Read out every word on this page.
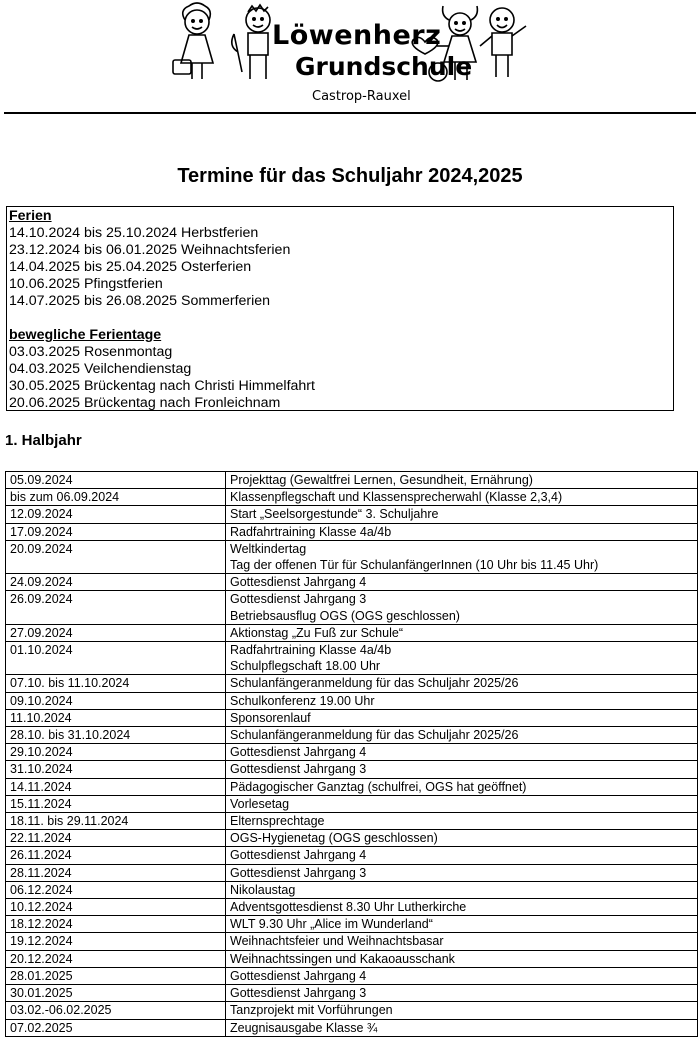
Löwenherz
Grundschule
Castrop-Rauxel
Termine für das Schuljahr 2024,2025
Ferien
14.10.2024 bis 25.10.2024 Herbstferien
23.12.2024 bis 06.01.2025 Weihnachtsferien
14.04.2025 bis 25.04.2025 Osterferien
10.06.2025 Pfingstferien
14.07.2025 bis 26.08.2025 Sommerferien
bewegliche Ferientage
03.03.2025 Rosenmontag
04.03.2025 Veilchendienstag
30.05.2025 Brückentag nach Christi Himmelfahrt
20.06.2025 Brückentag nach Fronleichnam
1. Halbjahr
05.09.2024	Projekttag (Gewaltfrei Lernen, Gesundheit, Ernährung)

bis zum 06.09.2024	Klassenpflegschaft und Klassensprecherwahl (Klasse 2,3,4)

12.09.2024	Start „Seelsorgestunde“ 3. Schuljahre

17.09.2024	Radfahrtraining Klasse 4a/4b

20.09.2024	Weltkindertag
Tag der offenen Tür für SchulanfängerInnen (10 Uhr bis 11.45 Uhr)

24.09.2024	Gottesdienst Jahrgang 4

26.09.2024	Gottesdienst Jahrgang 3
Betriebsausflug OGS (OGS geschlossen)

27.09.2024	Aktionstag „Zu Fuß zur Schule“

01.10.2024	Radfahrtraining Klasse 4a/4b
Schulpflegschaft 18.00 Uhr

07.10. bis 11.10.2024	Schulanfängeranmeldung für das Schuljahr 2025/26

09.10.2024	Schulkonferenz 19.00 Uhr

11.10.2024	Sponsorenlauf

28.10. bis 31.10.2024	Schulanfängeranmeldung für das Schuljahr 2025/26

29.10.2024	Gottesdienst Jahrgang 4

31.10.2024	Gottesdienst Jahrgang 3

14.11.2024	Pädagogischer Ganztag (schulfrei, OGS hat geöffnet)

15.11.2024	Vorlesetag

18.11. bis 29.11.2024	Elternsprechtage

22.11.2024	OGS-Hygienetag (OGS geschlossen)

26.11.2024	Gottesdienst Jahrgang 4

28.11.2024	Gottesdienst Jahrgang 3

06.12.2024	Nikolaustag

10.12.2024	Adventsgottesdienst 8.30 Uhr Lutherkirche

18.12.2024	WLT 9.30 Uhr „Alice im Wunderland“

19.12.2024	Weihnachtsfeier und Weihnachtsbasar

20.12.2024	Weihnachtssingen und Kakaoausschank

28.01.2025	Gottesdienst Jahrgang 4

30.01.2025	Gottesdienst Jahrgang 3

03.02.-06.02.2025	Tanzprojekt mit Vorführungen

07.02.2025	Zeugnisausgabe Klasse ¾
